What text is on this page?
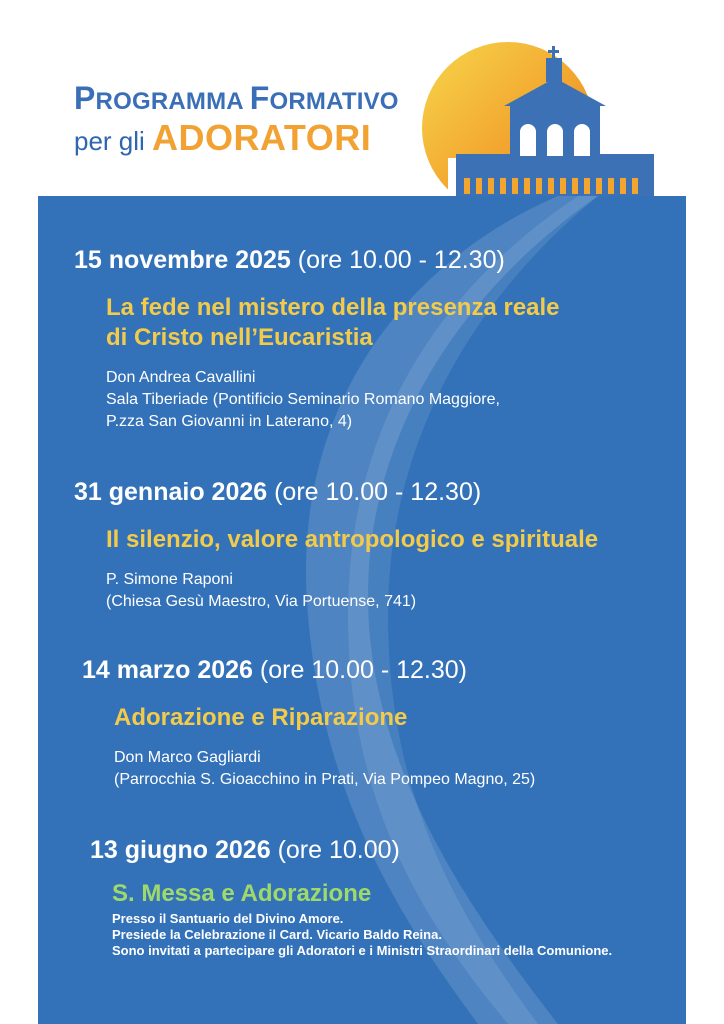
PROGRAMMA FORMATIVO
per gli ADORATORI
15 novembre 2025 (ore 10.00 - 12.30)
La fede nel mistero della presenza reale
di Cristo nell’Eucaristia
Don Andrea Cavallini
Sala Tiberiade (Pontificio Seminario Romano Maggiore,
P.zza San Giovanni in Laterano, 4)
31 gennaio 2026 (ore 10.00 - 12.30)
Il silenzio, valore antropologico e spirituale
P. Simone Raponi
(Chiesa Gesù Maestro, Via Portuense, 741)
14 marzo 2026 (ore 10.00 - 12.30)
Adorazione e Riparazione
Don Marco Gagliardi
(Parrocchia S. Gioacchino in Prati, Via Pompeo Magno, 25)
13 giugno 2026 (ore 10.00)
S. Messa e Adorazione
Presso il Santuario del Divino Amore.
Presiede la Celebrazione il Card. Vicario Baldo Reina.
Sono invitati a partecipare gli Adoratori e i Ministri Straordinari della Comunione.
